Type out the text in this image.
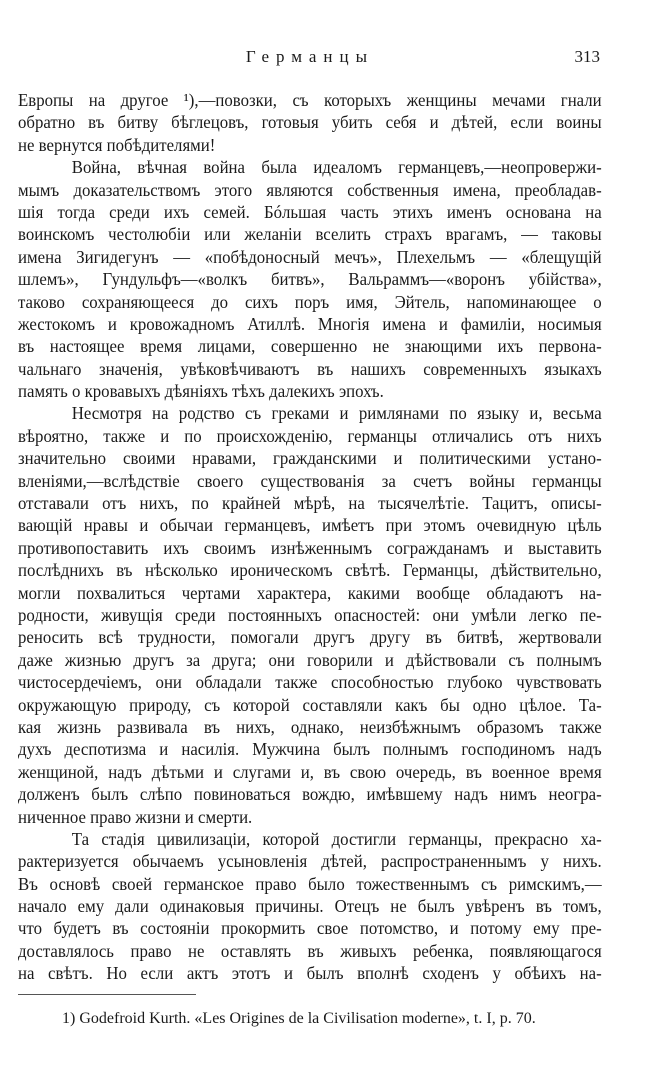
Германцы	313
Европы на другое ¹),—повозки, съ которыхъ женщины мечами гнали
обратно въ битву бѣглецовъ, готовыя убить себя и дѣтей, если воины
не вернутся побѣдителями!
Война, вѣчная война была идеаломъ германцевъ,—неопровержи-
мымъ доказательствомъ этого являются собственныя имена, преобладав-
шія тогда среди ихъ семей. Бóльшая часть этихъ именъ основана на
воинскомъ честолюбіи или желаніи вселить страхъ врагамъ, — таковы
имена Зигидегунъ — «побѣдоносный мечъ», Плехельмъ — «блещущій
шлемъ», Гундульфъ—«волкъ битвъ», Вальраммъ—«воронъ убійства»,
таково сохраняющееся до сихъ поръ имя, Эйтель, напоминающее о
жестокомъ и кровожадномъ Атиллѣ. Многія имена и фамиліи, носимыя
въ настоящее время лицами, совершенно не знающими ихъ первона-
чальнаго значенія, увѣковѣчиваютъ въ нашихъ современныхъ языкахъ
память о кровавыхъ дѣяніяхъ тѣхъ далекихъ эпохъ.
Несмотря на родство съ греками и римлянами по языку и, весьма
вѣроятно, также и по происхожденію, германцы отличались отъ нихъ
значительно своими нравами, гражданскими и политическими устано-
вленіями,—вслѣдствіе своего существованія за счетъ войны германцы
отставали отъ нихъ, по крайней мѣрѣ, на тысячелѣтіе. Тацитъ, описы-
вающій нравы и обычаи германцевъ, имѣетъ при этомъ очевидную цѣль
противопоставить ихъ своимъ изнѣженнымъ согражданамъ и выставить
послѣднихъ въ нѣсколько ироническомъ свѣтѣ. Германцы, дѣйствительно,
могли похвалиться чертами характера, какими вообще обладаютъ на-
родности, живущія среди постоянныхъ опасностей: они умѣли легко пе-
реносить всѣ трудности, помогали другъ другу въ битвѣ, жертвовали
даже жизнью другъ за друга; они говорили и дѣйствовали съ полнымъ
чистосердечіемъ, они обладали также способностью глубоко чувствовать
окружающую природу, съ которой составляли какъ бы одно цѣлое. Та-
кая жизнь развивала въ нихъ, однако, неизбѣжнымъ образомъ также
духъ деспотизма и насилія. Мужчина былъ полнымъ господиномъ надъ
женщиной, надъ дѣтьми и слугами и, въ свою очередь, въ военное время
долженъ былъ слѣпо повиноваться вождю, имѣвшему надъ нимъ неогра-
ниченное право жизни и смерти.
Та стадія цивилизаціи, которой достигли германцы, прекрасно ха-
рактеризуется обычаемъ усыновленія дѣтей, распространеннымъ у нихъ.
Въ основѣ своей германское право было тожественнымъ съ римскимъ,—
начало ему дали одинаковыя причины. Отецъ не былъ увѣренъ въ томъ,
что будетъ въ состояніи прокормить свое потомство, и потому ему пре-
доставлялось право не оставлять въ живыхъ ребенка, появляющагося
на свѣтъ. Но если актъ этотъ и былъ вполнѣ сходенъ у обѣихъ на-
1) Godefroid Kurth. «Les Origines de la Civilisation moderne», t. I, p. 70.
